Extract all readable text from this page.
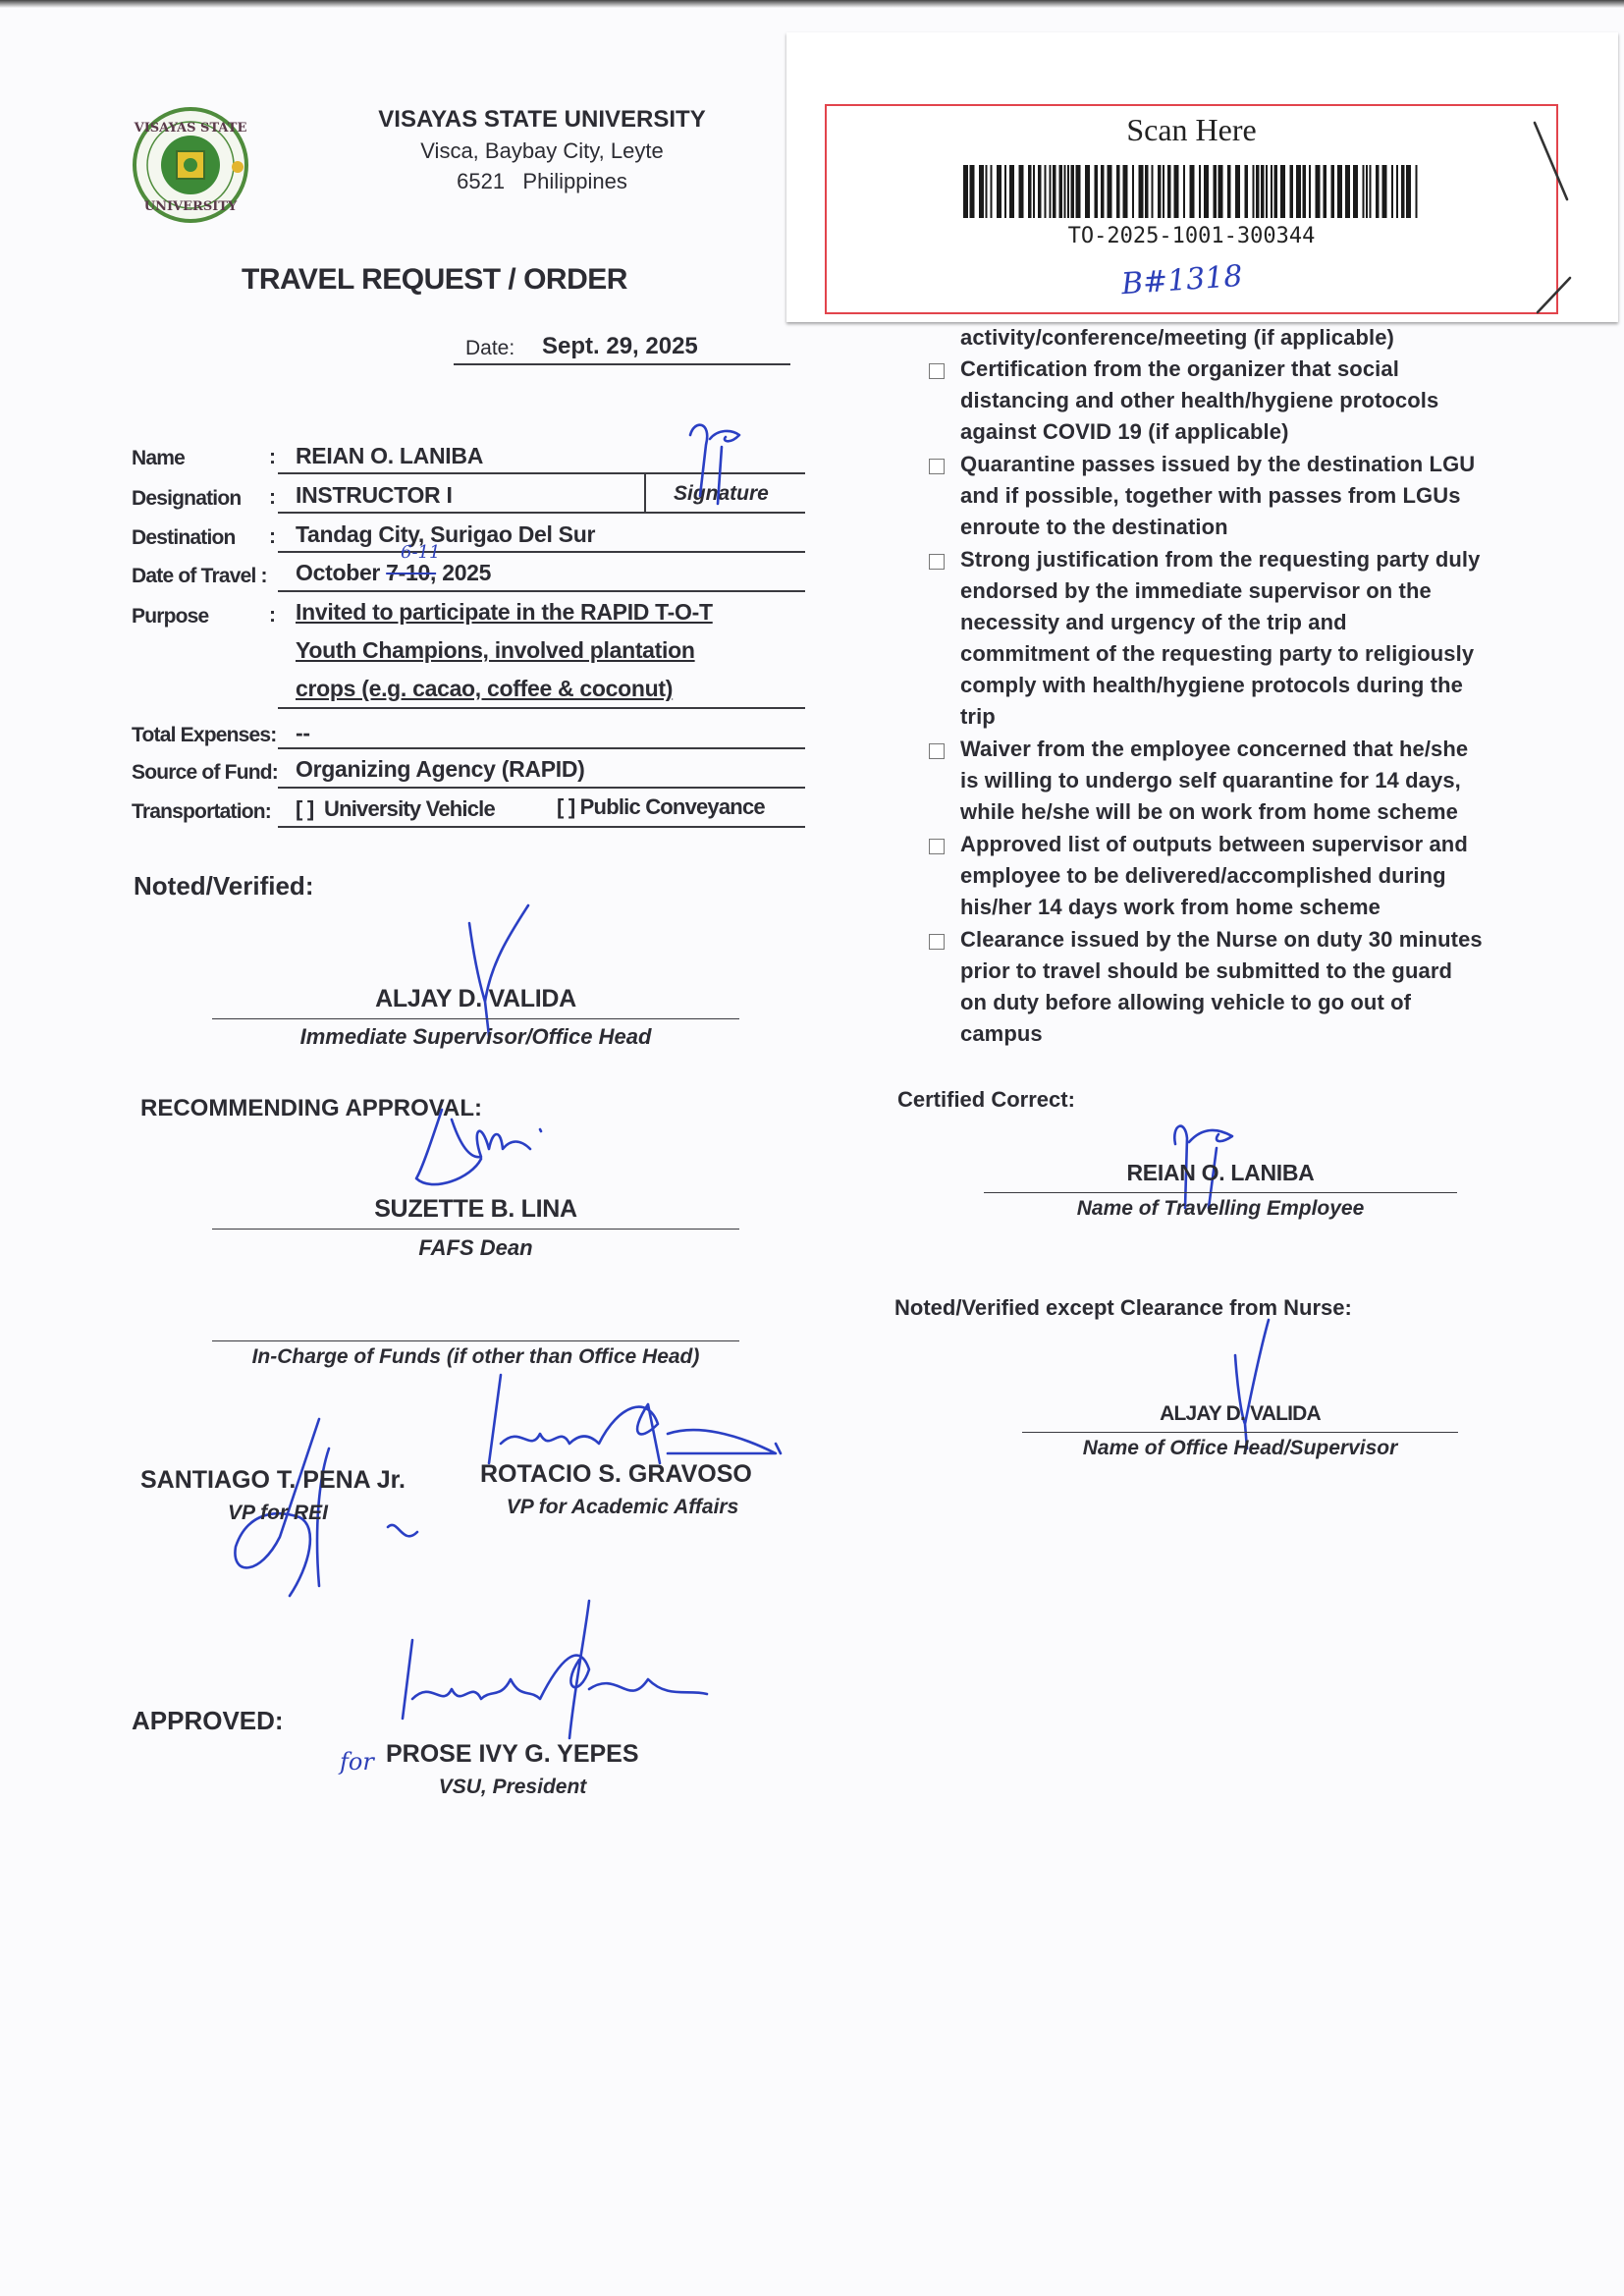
VISAYAS STATE
UNIVERSITY
VISAYAS STATE UNIVERSITY
Visca, Baybay City, Leyte
6521   Philippines
TRAVEL REQUEST / ORDER
Date: Sept. 29, 2025
Scan Here
TO-2025-1001-300344
B#1318
Name	: REIAN O. LANIBA
Designation : INSTRUCTOR I	Signature
Destination : Tandag City, Surigao Del Sur
Date of Travel : October 7-10, 2025
6-11
Purpose	: Invited to participate in the RAPID T-O-T
Youth Champions, involved plantation
crops (e.g. cacao, coffee & coconut)
Total Expenses: --
Source of Fund: Organizing Agency (RAPID)
Transportation: [ ]  University Vehicle	[ ] Public Conveyance
Noted/Verified:
ALJAY D. VALIDA
Immediate Supervisor/Office Head
RECOMMENDING APPROVAL:
SUZETTE B. LINA
FAFS Dean
In-Charge of Funds (if other than Office Head)
SANTIAGO T. PENA Jr.
VP for REI
ROTACIO S. GRAVOSO
VP for Academic Affairs
APPROVED:
for PROSE IVY G. YEPES
VSU, President
activity/conference/meeting (if applicable)
Certification from the organizer that social
distancing and other health/hygiene protocols
against COVID 19 (if applicable)
Quarantine passes issued by the destination LGU
and if possible, together with passes from LGUs
enroute to the destination
Strong justification from the requesting party duly
endorsed by the immediate supervisor on the
necessity and urgency of the trip and
commitment of the requesting party to religiously
comply with health/hygiene protocols during the
trip
Waiver from the employee concerned that he/she
is willing to undergo self quarantine for 14 days,
while he/she will be on work from home scheme
Approved list of outputs between supervisor and
employee to be delivered/accomplished during
his/her 14 days work from home scheme
Clearance issued by the Nurse on duty 30 minutes
prior to travel should be submitted to the guard
on duty before allowing vehicle to go out of
campus
Certified Correct:
REIAN O. LANIBA
Name of Travelling Employee
Noted/Verified except Clearance from Nurse:
ALJAY D. VALIDA
Name of Office Head/Supervisor
